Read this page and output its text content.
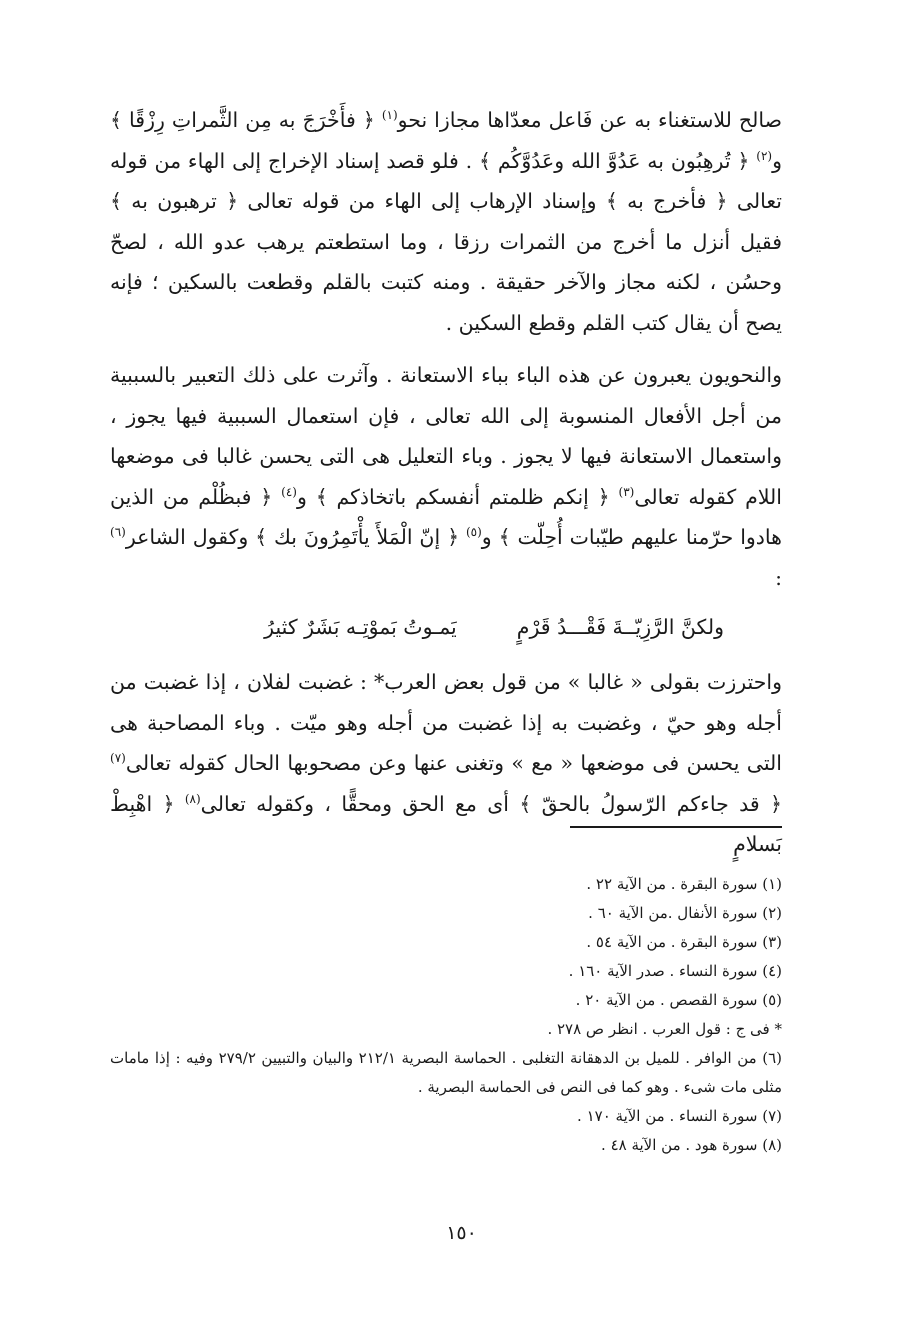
صالح للاستغناء به عن فَاعل معدّاها مجازا نحو$^{(١)}$ ﴿ فأَخْرَجَ به مِن الثَّمراتِ رِزْقًا ﴾ و$^{(٢)}$ ﴿ تُرهِبُون به عَدُوَّ الله وعَدُوَّكُم ﴾ . فلو قصد إسناد الإخراج إلى الهاء من قوله تعالى ﴿ فأخرج به ﴾ وإسناد الإرهاب إلى الهاء من قوله تعالى ﴿ ترهبون به ﴾ فقيل أنزل ما أخرج من الثمرات رزقا ، وما استطعتم يرهب عدو الله ، لصحّ وحسُن ، لكنه مجاز والآخر حقيقة . ومنه كتبت بالقلم وقطعت بالسكين ؛ فإنه يصح أن يقال كتب القلم وقطع السكين .

والنحويون يعبرون عن هذه الباء بباء الاستعانة . وآثرت على ذلك التعبير بالسببية من أجل الأفعال المنسوبة إلى الله تعالى ، فإن استعمال السببية فيها يجوز ، واستعمال الاستعانة فيها لا يجوز . وباء التعليل هى التى يحسن غالبا فى موضعها اللام كقوله تعالى$^{(٣)}$ ﴿ إنكم ظلمتم أنفسكم باتخاذكم ﴾ و$^{(٤)}$ ﴿ فبظُلْم من الذين هادوا حرّمنا عليهم طيّبات أُحِلّت ﴾ و$^{(٥)}$ ﴿ إنّ الْمَلأَ يأْتَمِرُونَ بك ﴾ وكقول الشاعر$^{(٦)}$ :

ولكنَّ الرَّزِيّــةَ فَقْـــدُ قَرْمٍ
يَمـوتُ بَموْتِـه بَشَرٌ كثيرُ

واحترزت بقولى « غالبا » من قول بعض العرب* : غضبت لفلان ، إذا غضبت من أجله وهو حيّ ، وغضبت به إذا غضبت من أجله وهو ميّت . وباء المصاحبة هى التى يحسن فى موضعها « مع » وتغنى عنها وعن مصحوبها الحال كقوله تعالى$^{(٧)}$ ﴿ قد جاءكم الرّسولُ بالحقّ ﴾ أى مع الحق ومحقًّا ، وكقوله تعالى$^{(٨)}$ ﴿ اهْبِطْ بَسلامٍ

(١) سورة البقرة . من الآية ٢٢ .

(٢) سورة الأنفال .من الآية ٦٠ .

(٣) سورة البقرة . من الآية ٥٤ .

(٤) سورة النساء . صدر الآية ١٦٠ .

(٥) سورة القصص . من الآية ٢٠ .

* فى ج : قول العرب . انظر ص ٢٧٨ .

(٦) من الوافر . للميل بن الدهقانة التغلبى . الحماسة البصرية ٢١٢/١ والبيان والتبيين ٢٧٩/٢ وفيه : إذا مامات مثلى مات شىء . وهو كما فى النص فى الحماسة البصرية .

(٧) سورة النساء . من الآية ١٧٠ .

(٨) سورة هود . من الآية ٤٨ .

١٥٠
